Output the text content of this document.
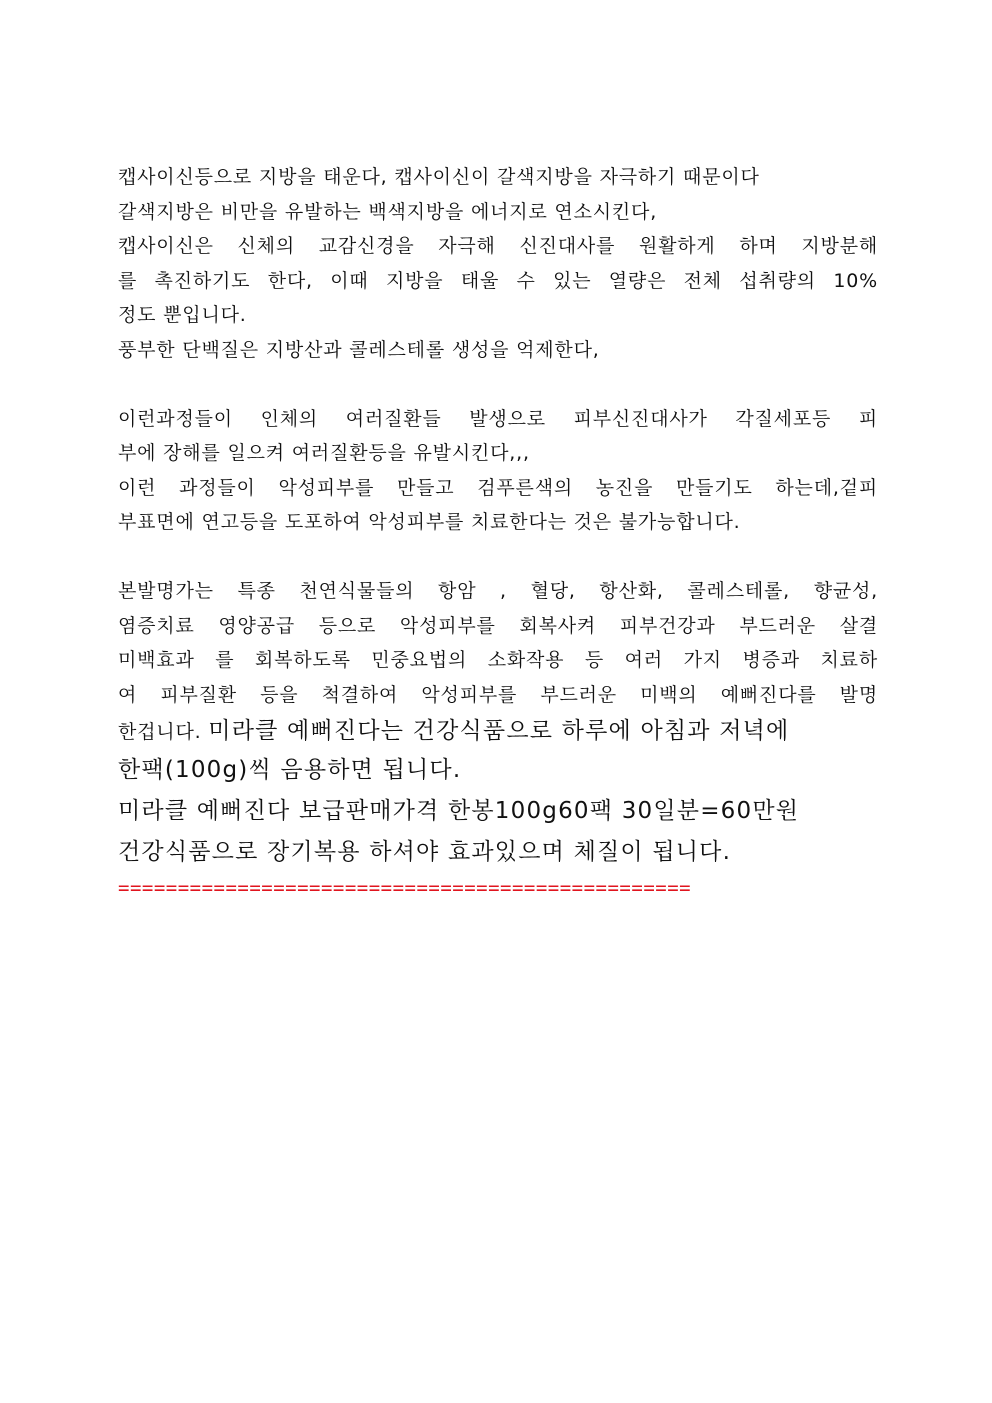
캡사이신등으로 지방을 태운다, 캡사이신이 갈색지방을 자극하기 때문이다
갈색지방은 비만을 유발하는 백색지방을 에너지로 연소시킨다,
캡사이신은 신체의 교감신경을 자극해 신진대사를 원활하게 하며 지방분해
를 촉진하기도 한다, 이때 지방을 태울 수 있는 열량은 전체 섭취량의 10%
정도 뿐입니다.
풍부한 단백질은 지방산과 콜레스테롤 생성을 억제한다,
이런과정들이 인체의 여러질환들 발생으로 피부신진대사가 각질세포등 피
부에 장해를 일으켜 여러질환등을 유발시킨다,,,
이런 과정들이 악성피부를 만들고 검푸른색의 농진을 만들기도 하는데,겉피
부표면에 연고등을 도포하여 악성피부를 치료한다는 것은 불가능합니다.
본발명가는 특종 천연식물들의 항암 , 혈당, 항산화, 콜레스테롤, 향균성,
염증치료 영양공급 등으로 악성피부를 회복사켜 피부건강과 부드러운 살결
미백효과 를 회복하도록 민중요법의 소화작용 등 여러 가지 병증과 치료하
여 피부질환 등을 척결하여 악성피부를 부드러운 미백의 예뻐진다를 발명
한겁니다. 미라클 예뻐진다는 건강식품으로 하루에 아침과 저녁에
한팩(100g)씩 음용하면 됩니다.
미라클 예뻐진다 보급판매가격 한봉100g60팩 30일분=60만원
건강식품으로 장기복용 하셔야 효과있으며 체질이 됩니다.
================================================
